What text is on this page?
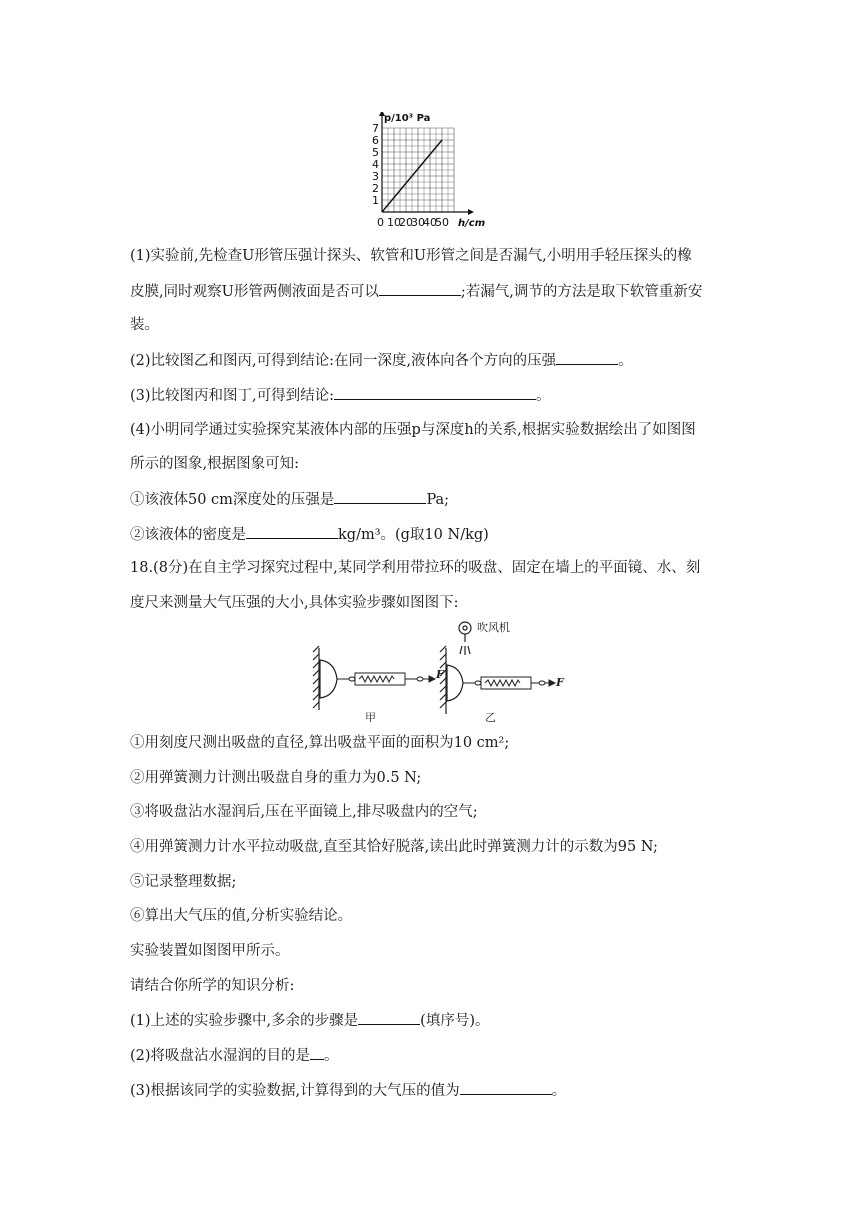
1
2
3
4
5
6
7
10
20
30
40
50
0
p/10³ Pa
h/cm
(1)实验前,先检查U形管压强计探头、软管和U形管之间是否漏气,小明用手轻压探头的橡
皮膜,同时观察U形管两侧液面是否可以	;若漏气,调节的方法是取下软管重新安
装。
(2)比较图乙和图丙,可得到结论:在同一深度,液体向各个方向的压强	。
(3)比较图丙和图丁,可得到结论:	。
(4)小明同学通过实验探究某液体内部的压强p与深度h的关系,根据实验数据绘出了如图图
所示的图象,根据图象可知:
①该液体50 cm深度处的压强是	Pa;
②该液体的密度是	kg/m³。(g取10 N/kg)
18.(8分)在自主学习探究过程中,某同学利用带拉环的吸盘、固定在墙上的平面镜、水、刻
度尺来测量大气压强的大小,具体实验步骤如图图下:
F
甲
吹风机
F
乙
①用刻度尺测出吸盘的直径,算出吸盘平面的面积为10 cm²;
②用弹簧测力计测出吸盘自身的重力为0.5 N;
③将吸盘沾水湿润后,压在平面镜上,排尽吸盘内的空气;
④用弹簧测力计水平拉动吸盘,直至其恰好脱落,读出此时弹簧测力计的示数为95 N;
⑤记录整理数据;
⑥算出大气压的值,分析实验结论。
实验装置如图图甲所示。
请结合你所学的知识分析:
(1)上述的实验步骤中,多余的步骤是	(填序号)。
(2)将吸盘沾水湿润的目的是 。
(3)根据该同学的实验数据,计算得到的大气压的值为	。
